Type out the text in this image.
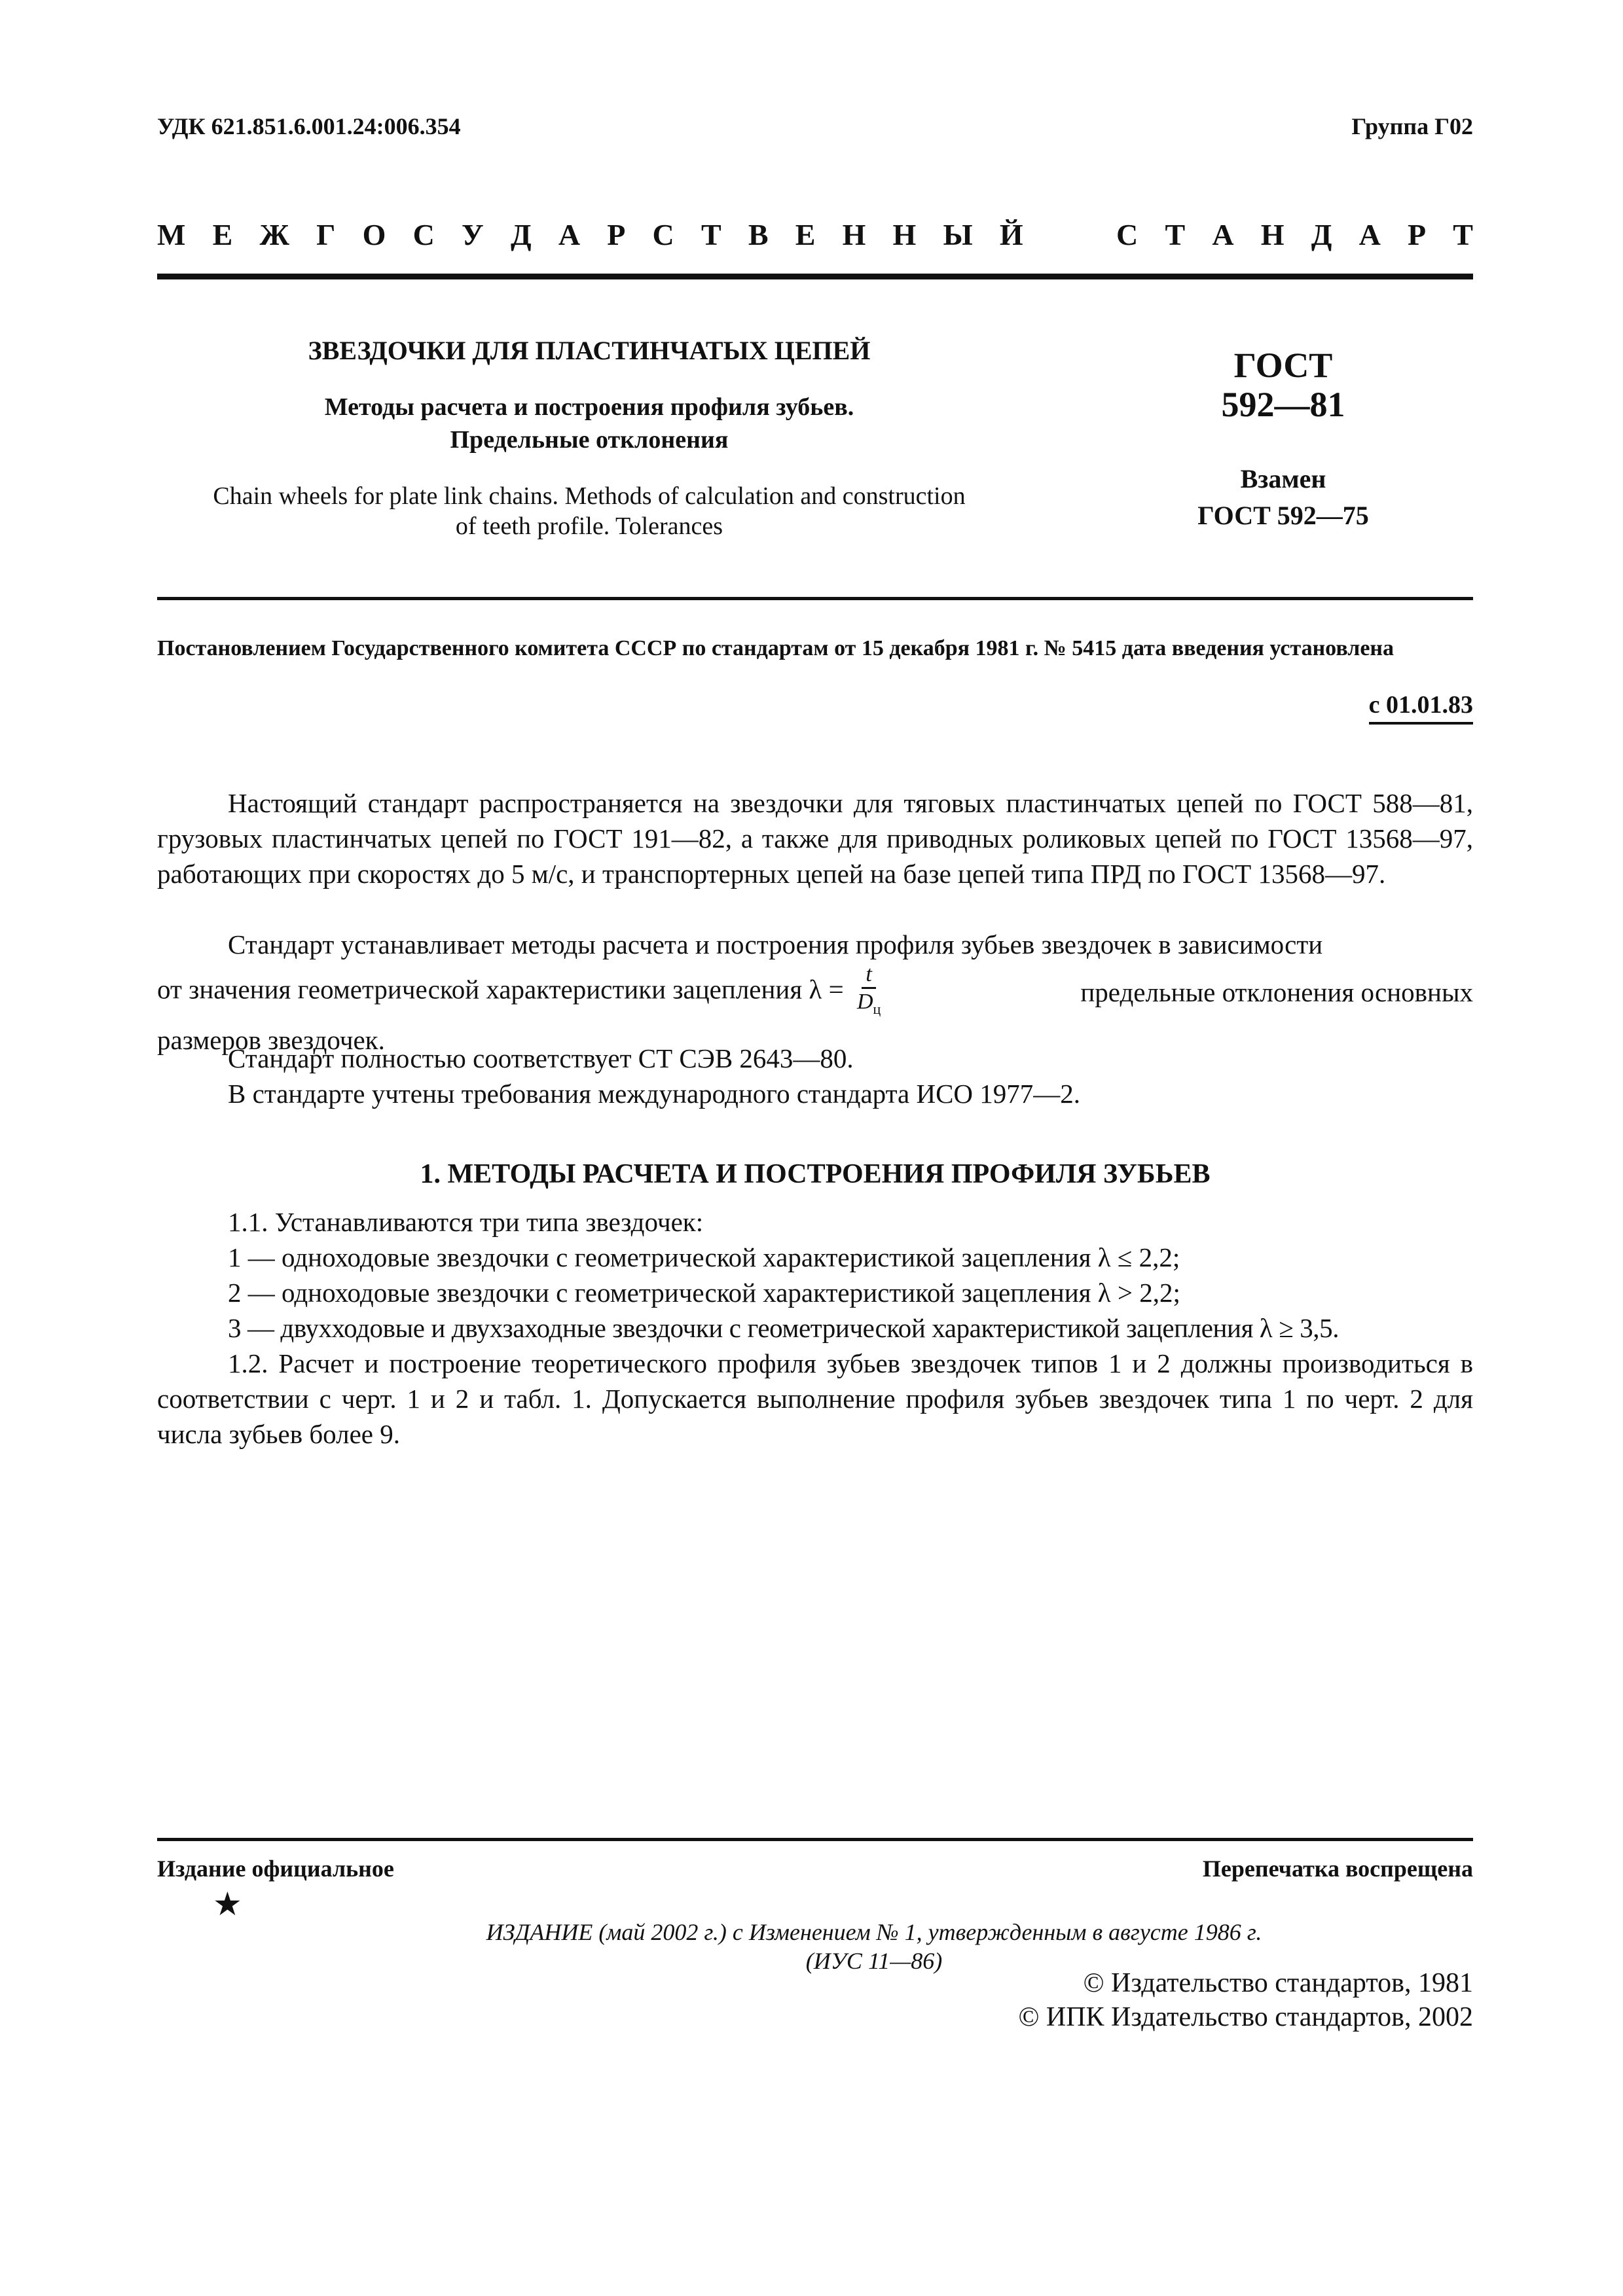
УДК 621.851.6.001.24:006.354	Группа Г02
М Е Ж Г О С У Д А Р С Т В Е Н Н Ы Й	С Т А Н Д А Р Т

ЗВЕЗДОЧКИ ДЛЯ ПЛАСТИНЧАТЫХ ЦЕПЕЙ

Методы расчета и построения профиля зубьев.
Предельные отклонения

Chain wheels for plate link chains. Methods of calculation and construction
of teeth profile. Tolerances

ГОСТ
592—81

Взамен
ГОСТ 592—75

Постановлением Государственного комитета СССР по стандартам от 15 декабря 1981 г. № 5415 дата введения установлена
с 01.01.83

Настоящий стандарт распространяется на звездочки для тяговых пластинчатых цепей по ГОСТ 588—81, грузовых пластинчатых цепей по ГОСТ 191—82, а также для приводных роликовых цепей по ГОСТ 13568—97, работающих при скоростях до 5 м/с, и транспортерных цепей на базе цепей типа ПРД по ГОСТ 13568—97.

Стандарт устанавливает методы расчета и построения профиля зубьев звездочек в зависимости

от значения геометрической характеристики зацепления $\lambda = \frac{t}{D_ц}$	предельные отклонения основных
размеров звездочек.

Стандарт полностью соответствует СТ СЭВ 2643—80.

В стандарте учтены требования международного стандарта ИСО 1977—2.

1. МЕТОДЫ РАСЧЕТА И ПОСТРОЕНИЯ ПРОФИЛЯ ЗУБЬЕВ

1.1. Устанавливаются три типа звездочек:

1 — одноходовые звездочки с геометрической характеристикой зацепления λ ≤ 2,2;

2 — одноходовые звездочки с геометрической характеристикой зацепления λ > 2,2;

3 — двухходовые и двухзаходные звездочки с геометрической характеристикой зацепления λ ≥ 3,5.

1.2. Расчет и построение теоретического профиля зубьев звездочек типов 1 и 2 должны производиться в соответствии с черт. 1 и 2 и табл. 1. Допускается выполнение профиля зубьев звездочек типа 1 по черт. 2 для числа зубьев более 9.

Издание официальное	Перепечатка воспрещена
★
ИЗДАНИЕ (май 2002 г.) с Изменением № 1, утвержденным в августе 1986 г.
(ИУС 11—86)
© Издательство стандартов, 1981
© ИПК Издательство стандартов, 2002
